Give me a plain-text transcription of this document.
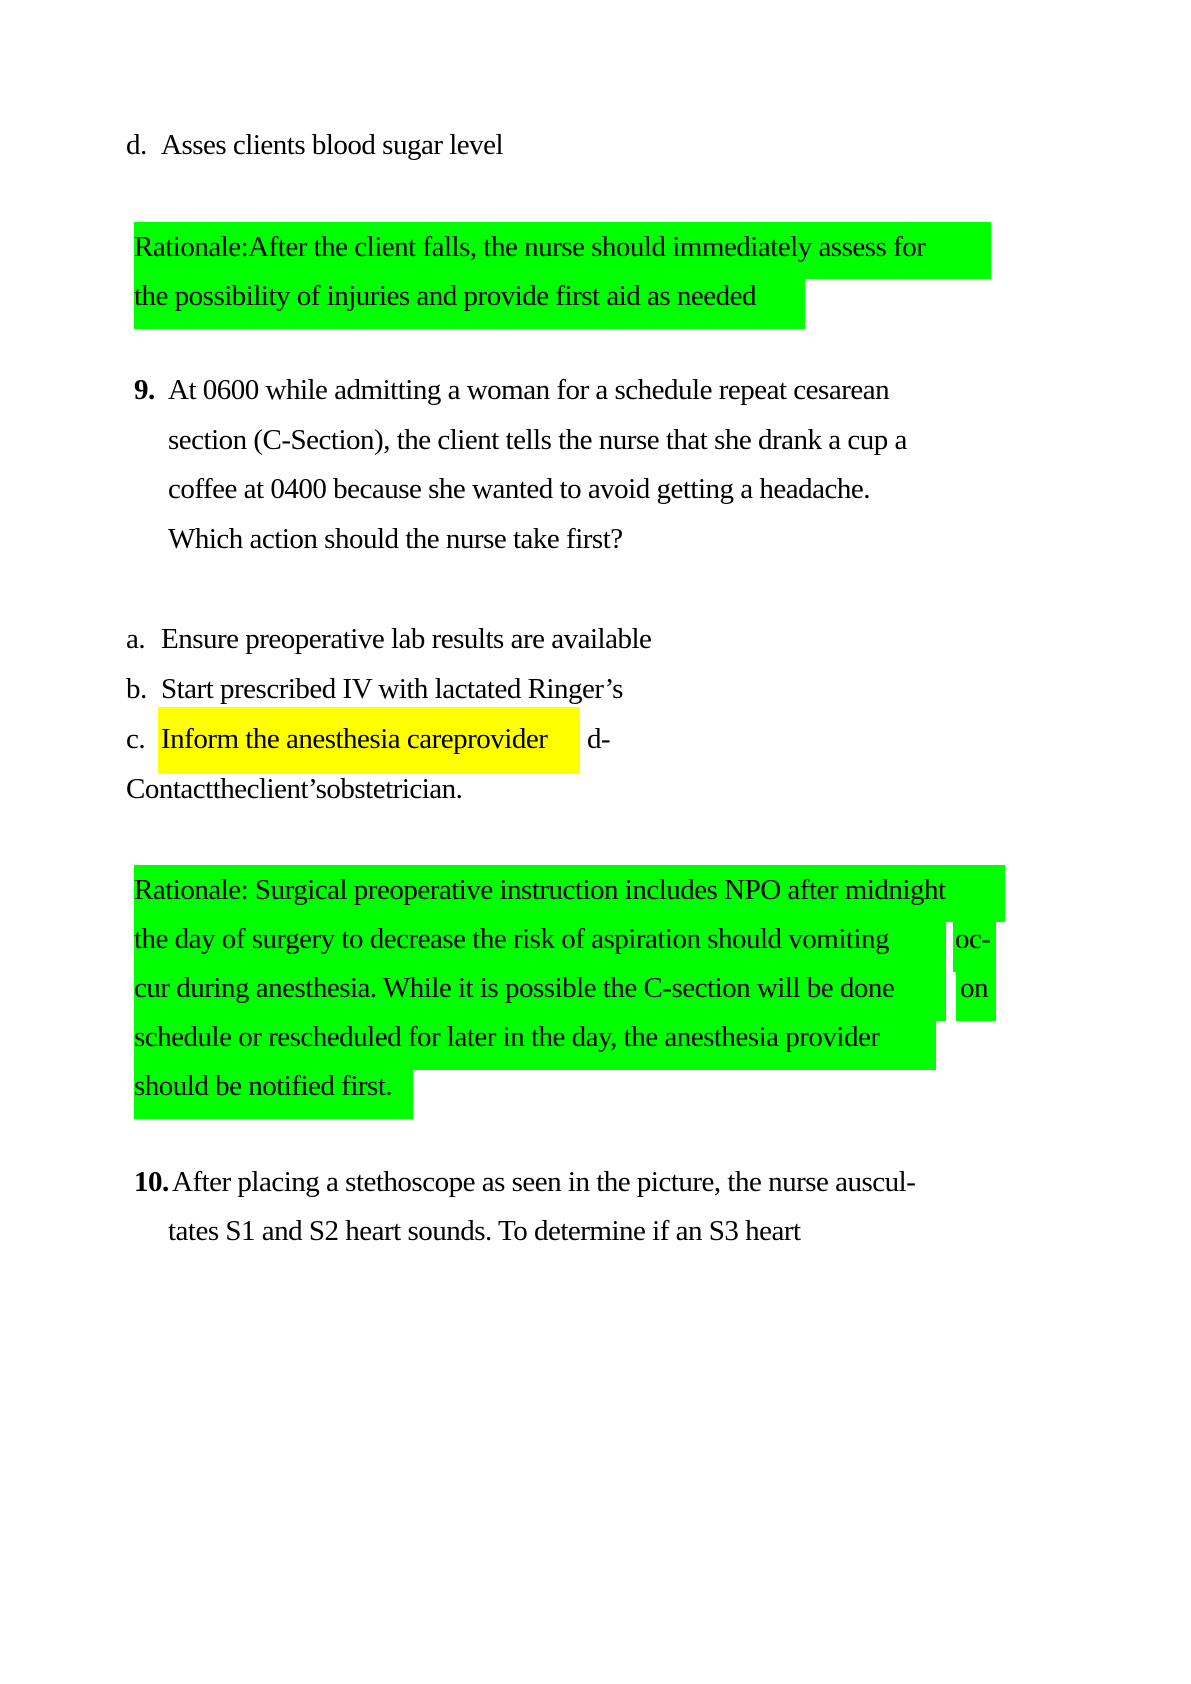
d. Asses clients blood sugar level
Rationale:After the client falls, the nurse should immediately assess for
the possibility of injuries and provide first aid as needed
9. At 0600 while admitting a woman for a schedule repeat cesarean
section (C-Section), the client tells the nurse that she drank a cup a
coffee at 0400 because she wanted to avoid getting a headache.
Which action should the nurse take first?
a. Ensure preoperative lab results are available
b. Start prescribed IV with lactated Ringer’s
c. Inform the anesthesia careprovider d-
Contacttheclient’sobstetrician.
Rationale: Surgical preoperative instruction includes NPO after midnight
the day of surgery to decrease the risk of aspiration should vomiting oc-
cur during anesthesia. While it is possible the C-section will be done on
schedule or rescheduled for later in the day, the anesthesia provider
should be notified first.
10. After placing a stethoscope as seen in the picture, the nurse auscul-
tates S1 and S2 heart sounds. To determine if an S3 heart
